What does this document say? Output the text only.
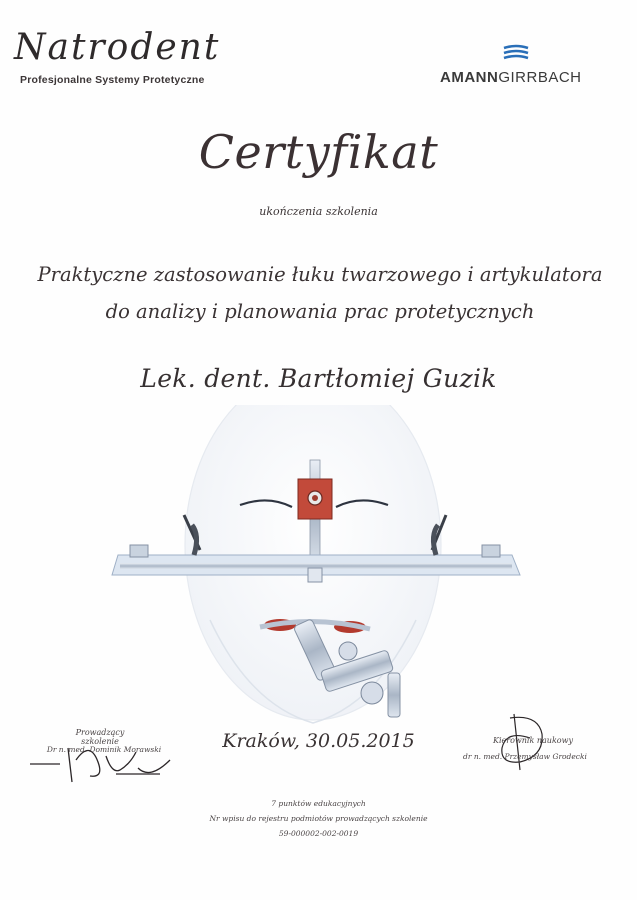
Natrodent
Profesjonalne Systemy Protetyczne	AMANNGIRRBACH
Certyfikat
ukończenia szkolenia
Praktyczne zastosowanie łuku twarzowego i artykulatora
do analizy i planowania prac protetycznych
Lek. dent. Bartłomiej Guzik
Prowadzący szkolenie
Dr n. med. Dominik Morawski
Kierownik naukowy
dr n. med. Przemysław Grodecki
Kraków, 30.05.2015
7 punktów edukacyjnych
Nr wpisu do rejestru podmiotów prowadzących szkolenie
59-000002-002-0019
